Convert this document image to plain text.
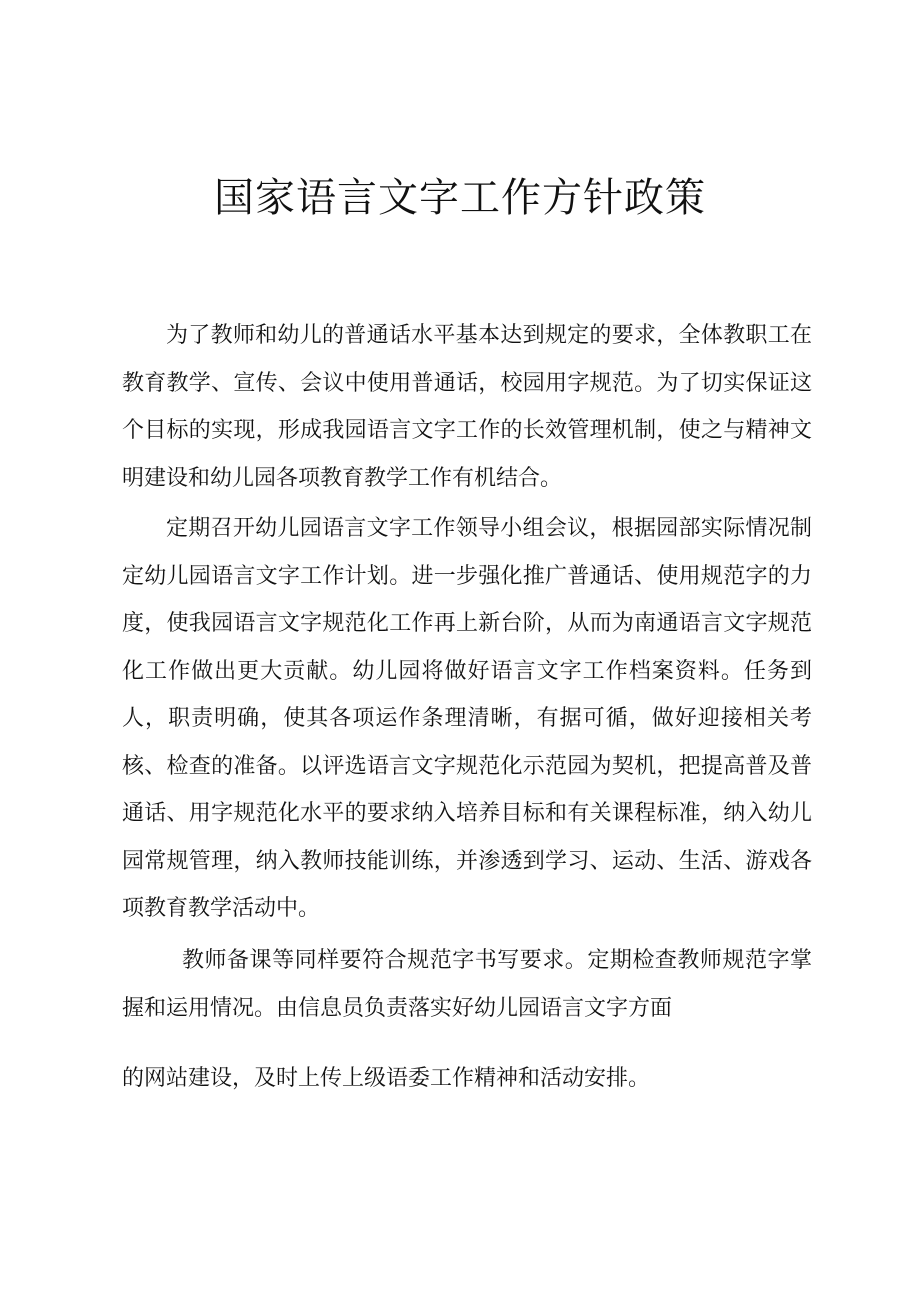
国家语言文字工作方针政策

为了教师和幼儿的普通话水平基本达到规定的要求，全体教职工在教育教学、宣传、会议中使用普通话，校园用字规范。为了切实保证这个目标的实现，形成我园语言文字工作的长效管理机制，使之与精神文明建设和幼儿园各项教育教学工作有机结合。

定期召开幼儿园语言文字工作领导小组会议，根据园部实际情况制定幼儿园语言文字工作计划。进一步强化推广普通话、使用规范字的力度，使我园语言文字规范化工作再上新台阶，从而为南通语言文字规范化工作做出更大贡献。幼儿园将做好语言文字工作档案资料。任务到人，职责明确，使其各项运作条理清晰，有据可循，做好迎接相关考核、检查的准备。以评选语言文字规范化示范园为契机，把提高普及普通话、用字规范化水平的要求纳入培养目标和有关课程标准，纳入幼儿园常规管理，纳入教师技能训练，并渗透到学习、运动、生活、游戏各项教育教学活动中。

教师备课等同样要符合规范字书写要求。定期检查教师规范字掌握和运用情况。由信息员负责落实好幼儿园语言文字方面

的网站建设，及时上传上级语委工作精神和活动安排。
